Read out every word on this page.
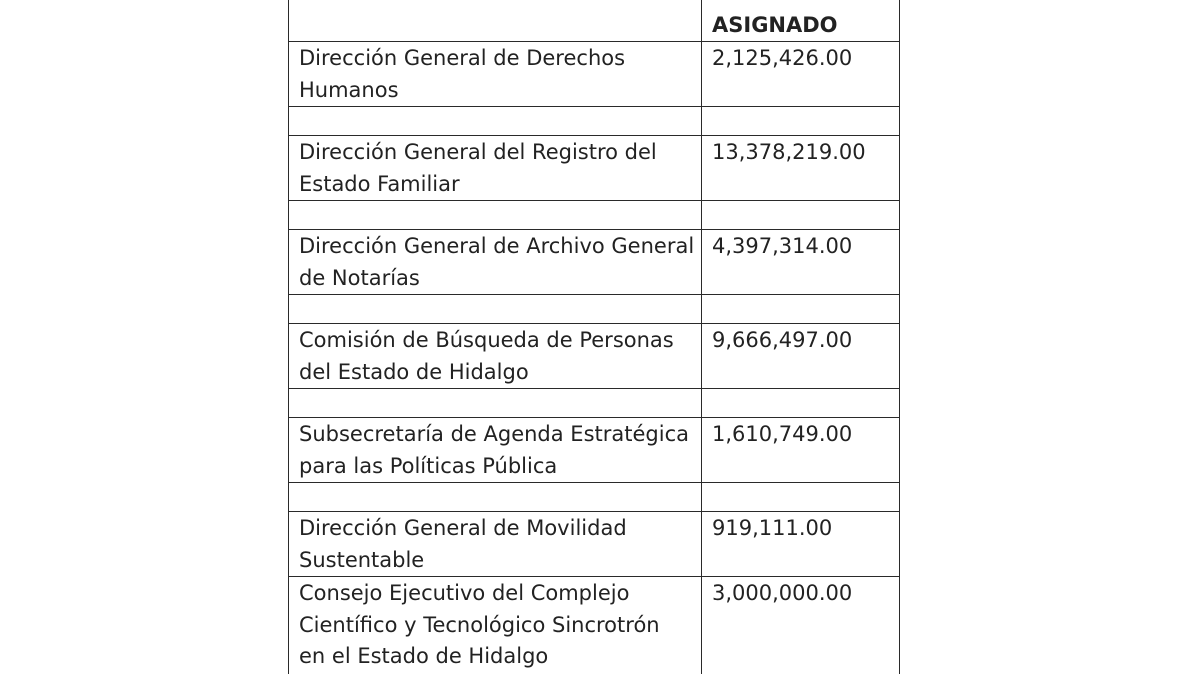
	ASIGNADO

Dirección General de Derechos
Humanos	2,125,426.00

Dirección General del Registro del
Estado Familiar	13,378,219.00

Dirección General de Archivo General
de Notarías	4,397,314.00

Comisión de Búsqueda de Personas
del Estado de Hidalgo	9,666,497.00

Subsecretaría de Agenda Estratégica
para las Políticas Pública	1,610,749.00

Dirección General de Movilidad
Sustentable	919,111.00

Consejo Ejecutivo del Complejo
Científico y Tecnológico Sincrotrón
en el Estado de Hidalgo	3,000,000.00
